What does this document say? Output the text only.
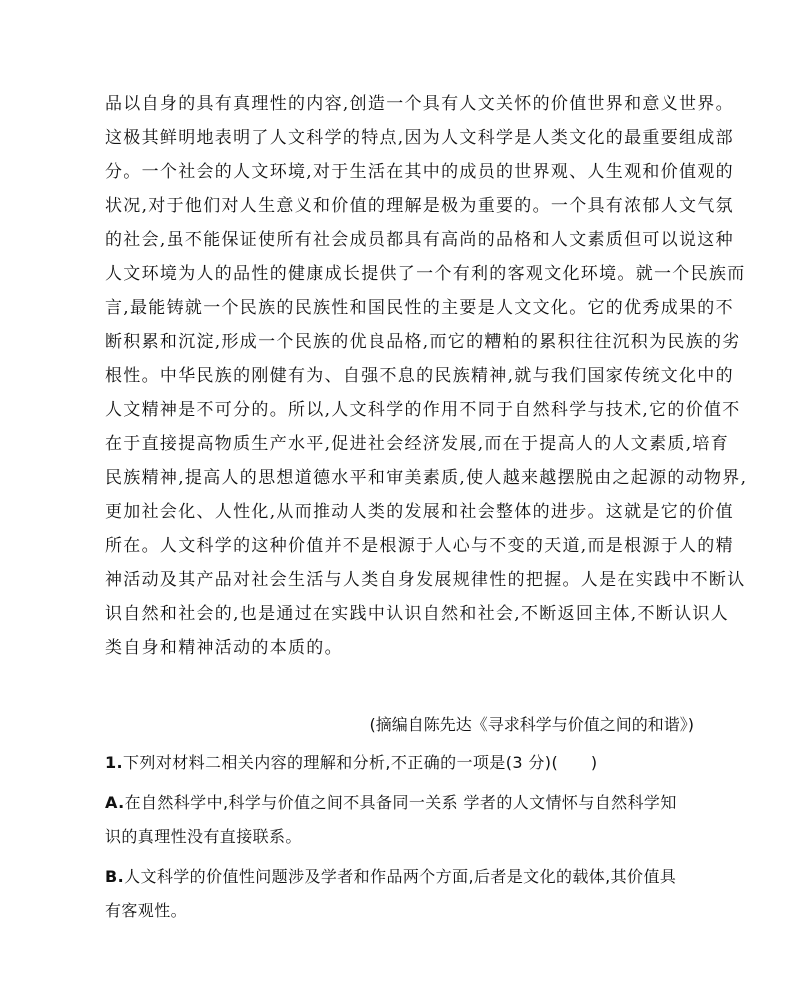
品以自身的具有真理性的内容,创造一个具有人文关怀的价值世界和意义世界。
这极其鲜明地表明了人文科学的特点,因为人文科学是人类文化的最重要组成部
分。一个社会的人文环境,对于生活在其中的成员的世界观、人生观和价值观的
状况,对于他们对人生意义和价值的理解是极为重要的。一个具有浓郁人文气氛
的社会,虽不能保证使所有社会成员都具有高尚的品格和人文素质但可以说这种
人文环境为人的品性的健康成长提供了一个有利的客观文化环境。就一个民族而
言,最能铸就一个民族的民族性和国民性的主要是人文文化。它的优秀成果的不
断积累和沉淀,形成一个民族的优良品格,而它的糟粕的累积往往沉积为民族的劣
根性。中华民族的刚健有为、自强不息的民族精神,就与我们国家传统文化中的
人文精神是不可分的。所以,人文科学的作用不同于自然科学与技术,它的价值不
在于直接提高物质生产水平,促进社会经济发展,而在于提高人的人文素质,培育
民族精神,提高人的思想道德水平和审美素质,使人越来越摆脱由之起源的动物界,
更加社会化、人性化,从而推动人类的发展和社会整体的进步。这就是它的价值
所在。人文科学的这种价值并不是根源于人心与不变的天道,而是根源于人的精
神活动及其产品对社会生活与人类自身发展规律性的把握。人是在实践中不断认
识自然和社会的,也是通过在实践中认识自然和社会,不断返回主体,不断认识人
类自身和精神活动的本质的。
(摘编自陈先达《寻求科学与价值之间的和谐》)
1.下列对材料二相关内容的理解和分析,不正确的一项是(3 分)(　　)
A.在自然科学中,科学与价值之间不具备同一关系 学者的人文情怀与自然科学知
识的真理性没有直接联系。
B.人文科学的价值性问题涉及学者和作品两个方面,后者是文化的载体,其价值具
有客观性。
